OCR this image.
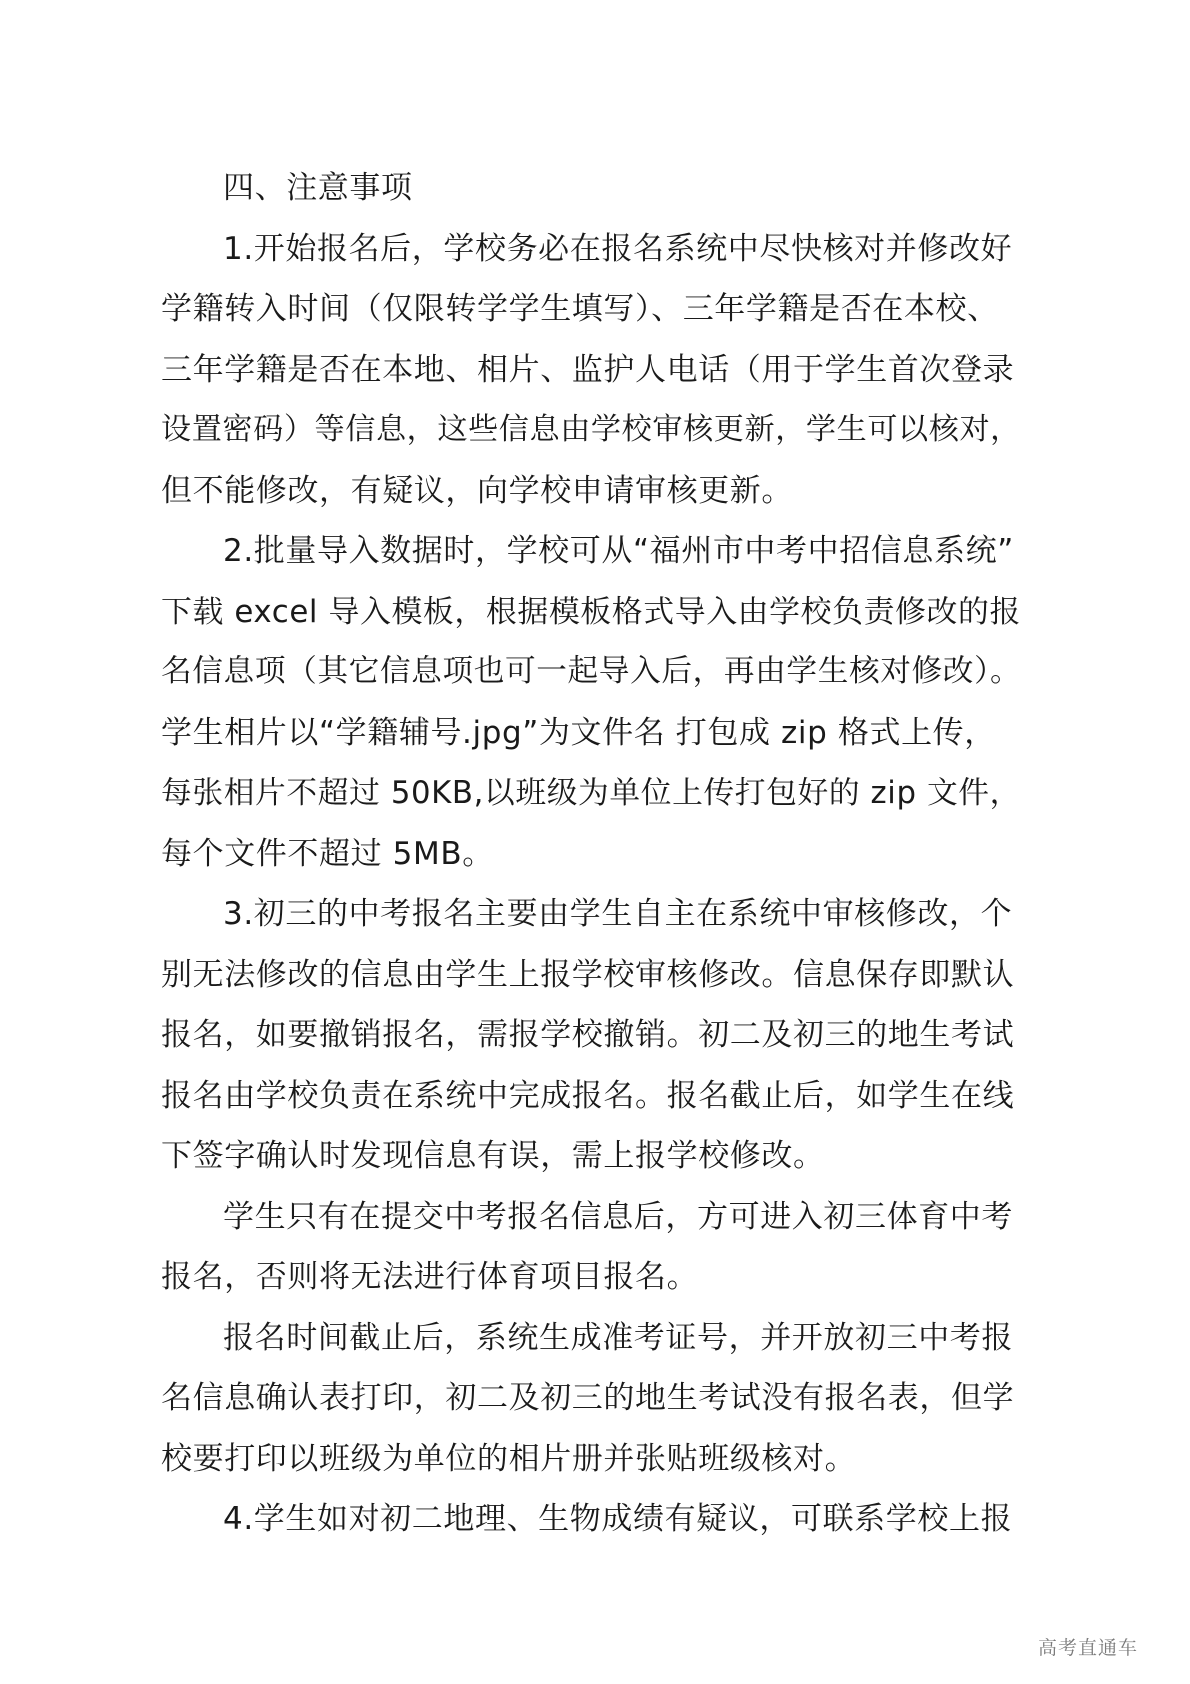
四、注意事项
1.开始报名后，学校务必在报名系统中尽快核对并修改好
学籍转入时间（仅限转学学生填写）、三年学籍是否在本校、
三年学籍是否在本地、相片、监护人电话（用于学生首次登录
设置密码）等信息，这些信息由学校审核更新，学生可以核对，
但不能修改，有疑议，向学校申请审核更新。
2.批量导入数据时，学校可从“福州市中考中招信息系统”
下载 excel 导入模板，根据模板格式导入由学校负责修改的报
名信息项（其它信息项也可一起导入后，再由学生核对修改）。
学生相片以“学籍辅号.jpg”为文件名 打包成 zip 格式上传，
每张相片不超过 50KB,以班级为单位上传打包好的 zip 文件，
每个文件不超过 5MB。
3.初三的中考报名主要由学生自主在系统中审核修改，个
别无法修改的信息由学生上报学校审核修改。信息保存即默认
报名，如要撤销报名，需报学校撤销。初二及初三的地生考试
报名由学校负责在系统中完成报名。报名截止后，如学生在线
下签字确认时发现信息有误，需上报学校修改。
学生只有在提交中考报名信息后，方可进入初三体育中考
报名，否则将无法进行体育项目报名。
报名时间截止后，系统生成准考证号，并开放初三中考报
名信息确认表打印，初二及初三的地生考试没有报名表，但学
校要打印以班级为单位的相片册并张贴班级核对。
4.学生如对初二地理、生物成绩有疑议，可联系学校上报
高考直通车
